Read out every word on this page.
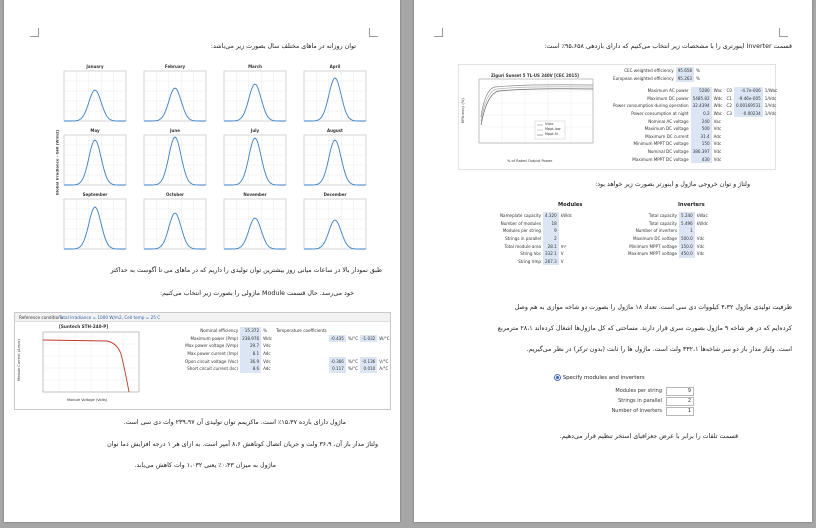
توان روزانه در ماهای مختلف سال بصورت زیر می‌باشد:
Global Irradiance - GHI (W/m2)
January	February	March	April
May	June	July	August
September	October	November	December
طبق نمودار بالا در ساعات میانی روز بیشترین توان تولیدی را داریم که در ماهای می تا آگوست به حداکثر
خود می‌رسد. حال قسمت Module ماژولی را بصورت زیر انتخاب می‌کنیم:
Reference conditions
Total Irradiance = 1000 W/m2, Cell temp = 25 C
[Suntech STH-240-P]
Module Current (Amps)
Module Voltage (Volts)
Nominal efficiency	15.372	%	Temperature coefficients				
Maximum power (Pmp)	238.976	Wdc		-0.435	%/°C	-1.032	W/°C
Max power voltage (Vmp)	29.7	Vdc					
Max power current (Imp)	8.1	Adc					
Open circuit voltage (Voc)	36.9	Vdc		-0.366	%/°C	-0.136	V/°C
Short circuit current (Isc)	8.6	Adc		0.117	%/°C	0.010	A/°C
ماژول دارای بازده ۱۵،۳۷٪ است. ماکزیمم توان تولیدی آن ۲۳۹،۹۷ وات دی سی است.
ولتاژ مدار باز آن، ۳۶،۹ ولت و جریان اتصال کوتاهش ۸،۶ آمپر است. به ازای هر ۱ درجه افزایش دما توان
ماژول به میزان ۰،۴۳٪ یعنی ۱،۰۳۲ وات کاهش می‌یابد.
قسمت Inverter اینورتری را با مشخصات زیر انتخاب می‌کنیم که دارای بازدهی ۹۵،۶۵۸٪ است:
Ziguri Sunset 5 TL-US 240V [CEC 2015]
Vdco
Mppt-low
Mppt-hi
Efficiency (%)
% of Rated Output Power
CEC weighted efficiency	95.658	%
European weighted efficiency	95.263	%
Maximum AC power	5280	Wac	C0	-4.7e-006	1/Wac
Maximum DC power	5485.82	Wdc	C1	-9.46e-005	1/Vdc
Power consumption during operation	32.4394	Wdc	C2	0.00169531	1/Vdc
Power consumption at night	0.2	Wac	C3	-0.00234	1/Vdc
Nominal AC voltage	240	Vac			
Maximum DC voltage	500	Vdc			
Maximum DC current	31.4	Adc			
Minimum MPPT DC voltage	150	Vdc			
Nominal DC voltage	386.397	Vdc			
Maximum MPPT DC voltage	430	Vdc			
ولتاژ و توان خروجی ماژول و اینورتر بصورت زیر خواهد بود:
Modules	Inverters
Nameplate capacity	4.320	kWdc
Number of modules	18	
Modules per string	9	
Strings in parallel	2	
Total module area	28.1	m²
String Voc	332.1	V
String Vmp	267.3	V
Total capacity	5.240	kWac
Total capacity	5.496	kWdc
Number of inverters	1	
Maximum DC voltage	500.0	Vdc
Minimum MPPT voltage	150.0	Vdc
Maximum MPPT voltage	450.0	Vdc
ظرفیت تولیدی ماژول ۴،۳۲ کیلووات دی سی است. تعداد ۱۸ ماژول را بصورت دو شاخه موازی به هم وصل
کرده‌ایم که در هر شاخه ۹ ماژول بصورت سری قرار دارند. مساحتی که کل ماژول‌ها اشغال کرده‌اند ۲۸،۱ مترمربع
است. ولتاژ مدار باز دو سر شاخه‌ها ۳۳۲،۱ ولت است. ماژول ها را ثابت (بدون ترکر) در نظر می‌گیریم.
Specify modules and inverters
Modules per string	9
Strings in parallel	2
Number of inverters	1
قسمت تلفات را برابر با عرض جغرافیای استخر تنظیم قرار می‌دهیم.
